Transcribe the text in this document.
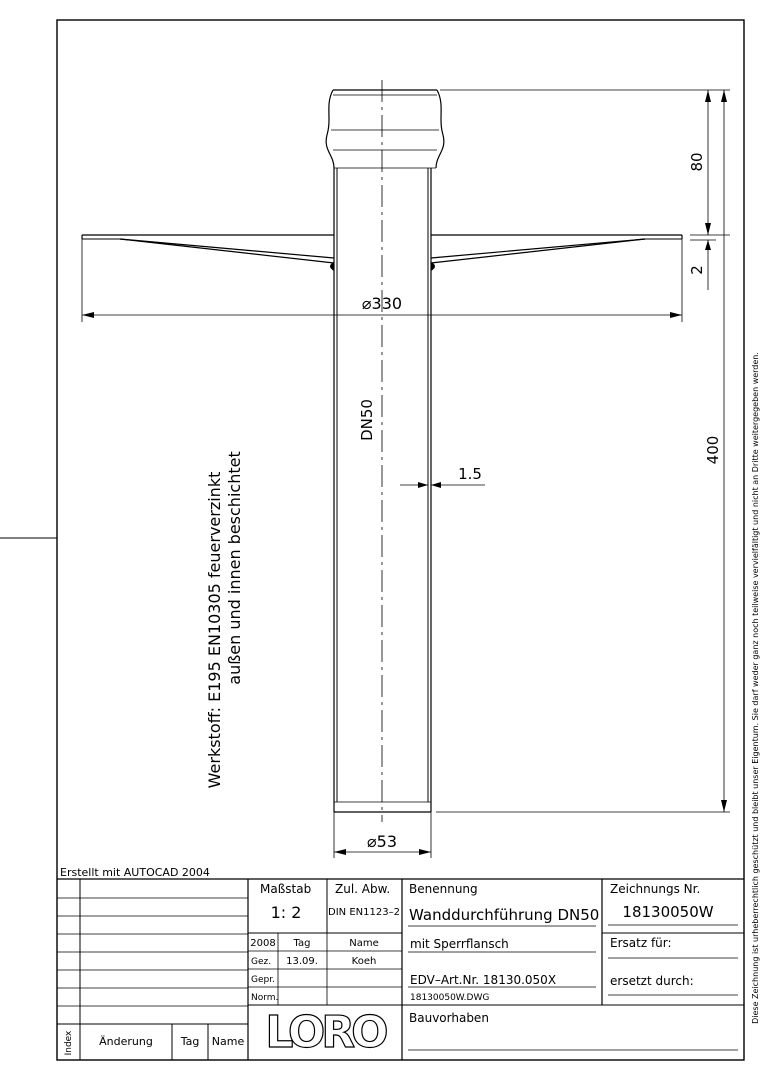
80
2
400
⌀330
DN50
1.5
⌀53
Werkstoff: E195 EN10305 feuerverzinkt außen und innen beschichtet	Diese Zeichnung ist urheberrechtlich geschützt und bleibt unser Eigentum. Sie darf weder ganz noch teilweise vervielfältigt und nicht an Dritte weitergegeben werden.
Erstellt mit AUTOCAD 2004
Maßstab
1: 2
Zul. Abw.
DIN EN1123–2
2008 Tag	Name
Gez. 13.09.	Koeh
Gepr.
Norm.
Benennung
Wanddurchführung DN50
mit Sperrflansch
EDV–Art.Nr. 18130.050X
18130050W.DWG
Zeichnungs Nr.
18130050W
Ersatz für:
ersetzt durch:
Bauvorhaben
Index Änderung	Tag Name LORO
